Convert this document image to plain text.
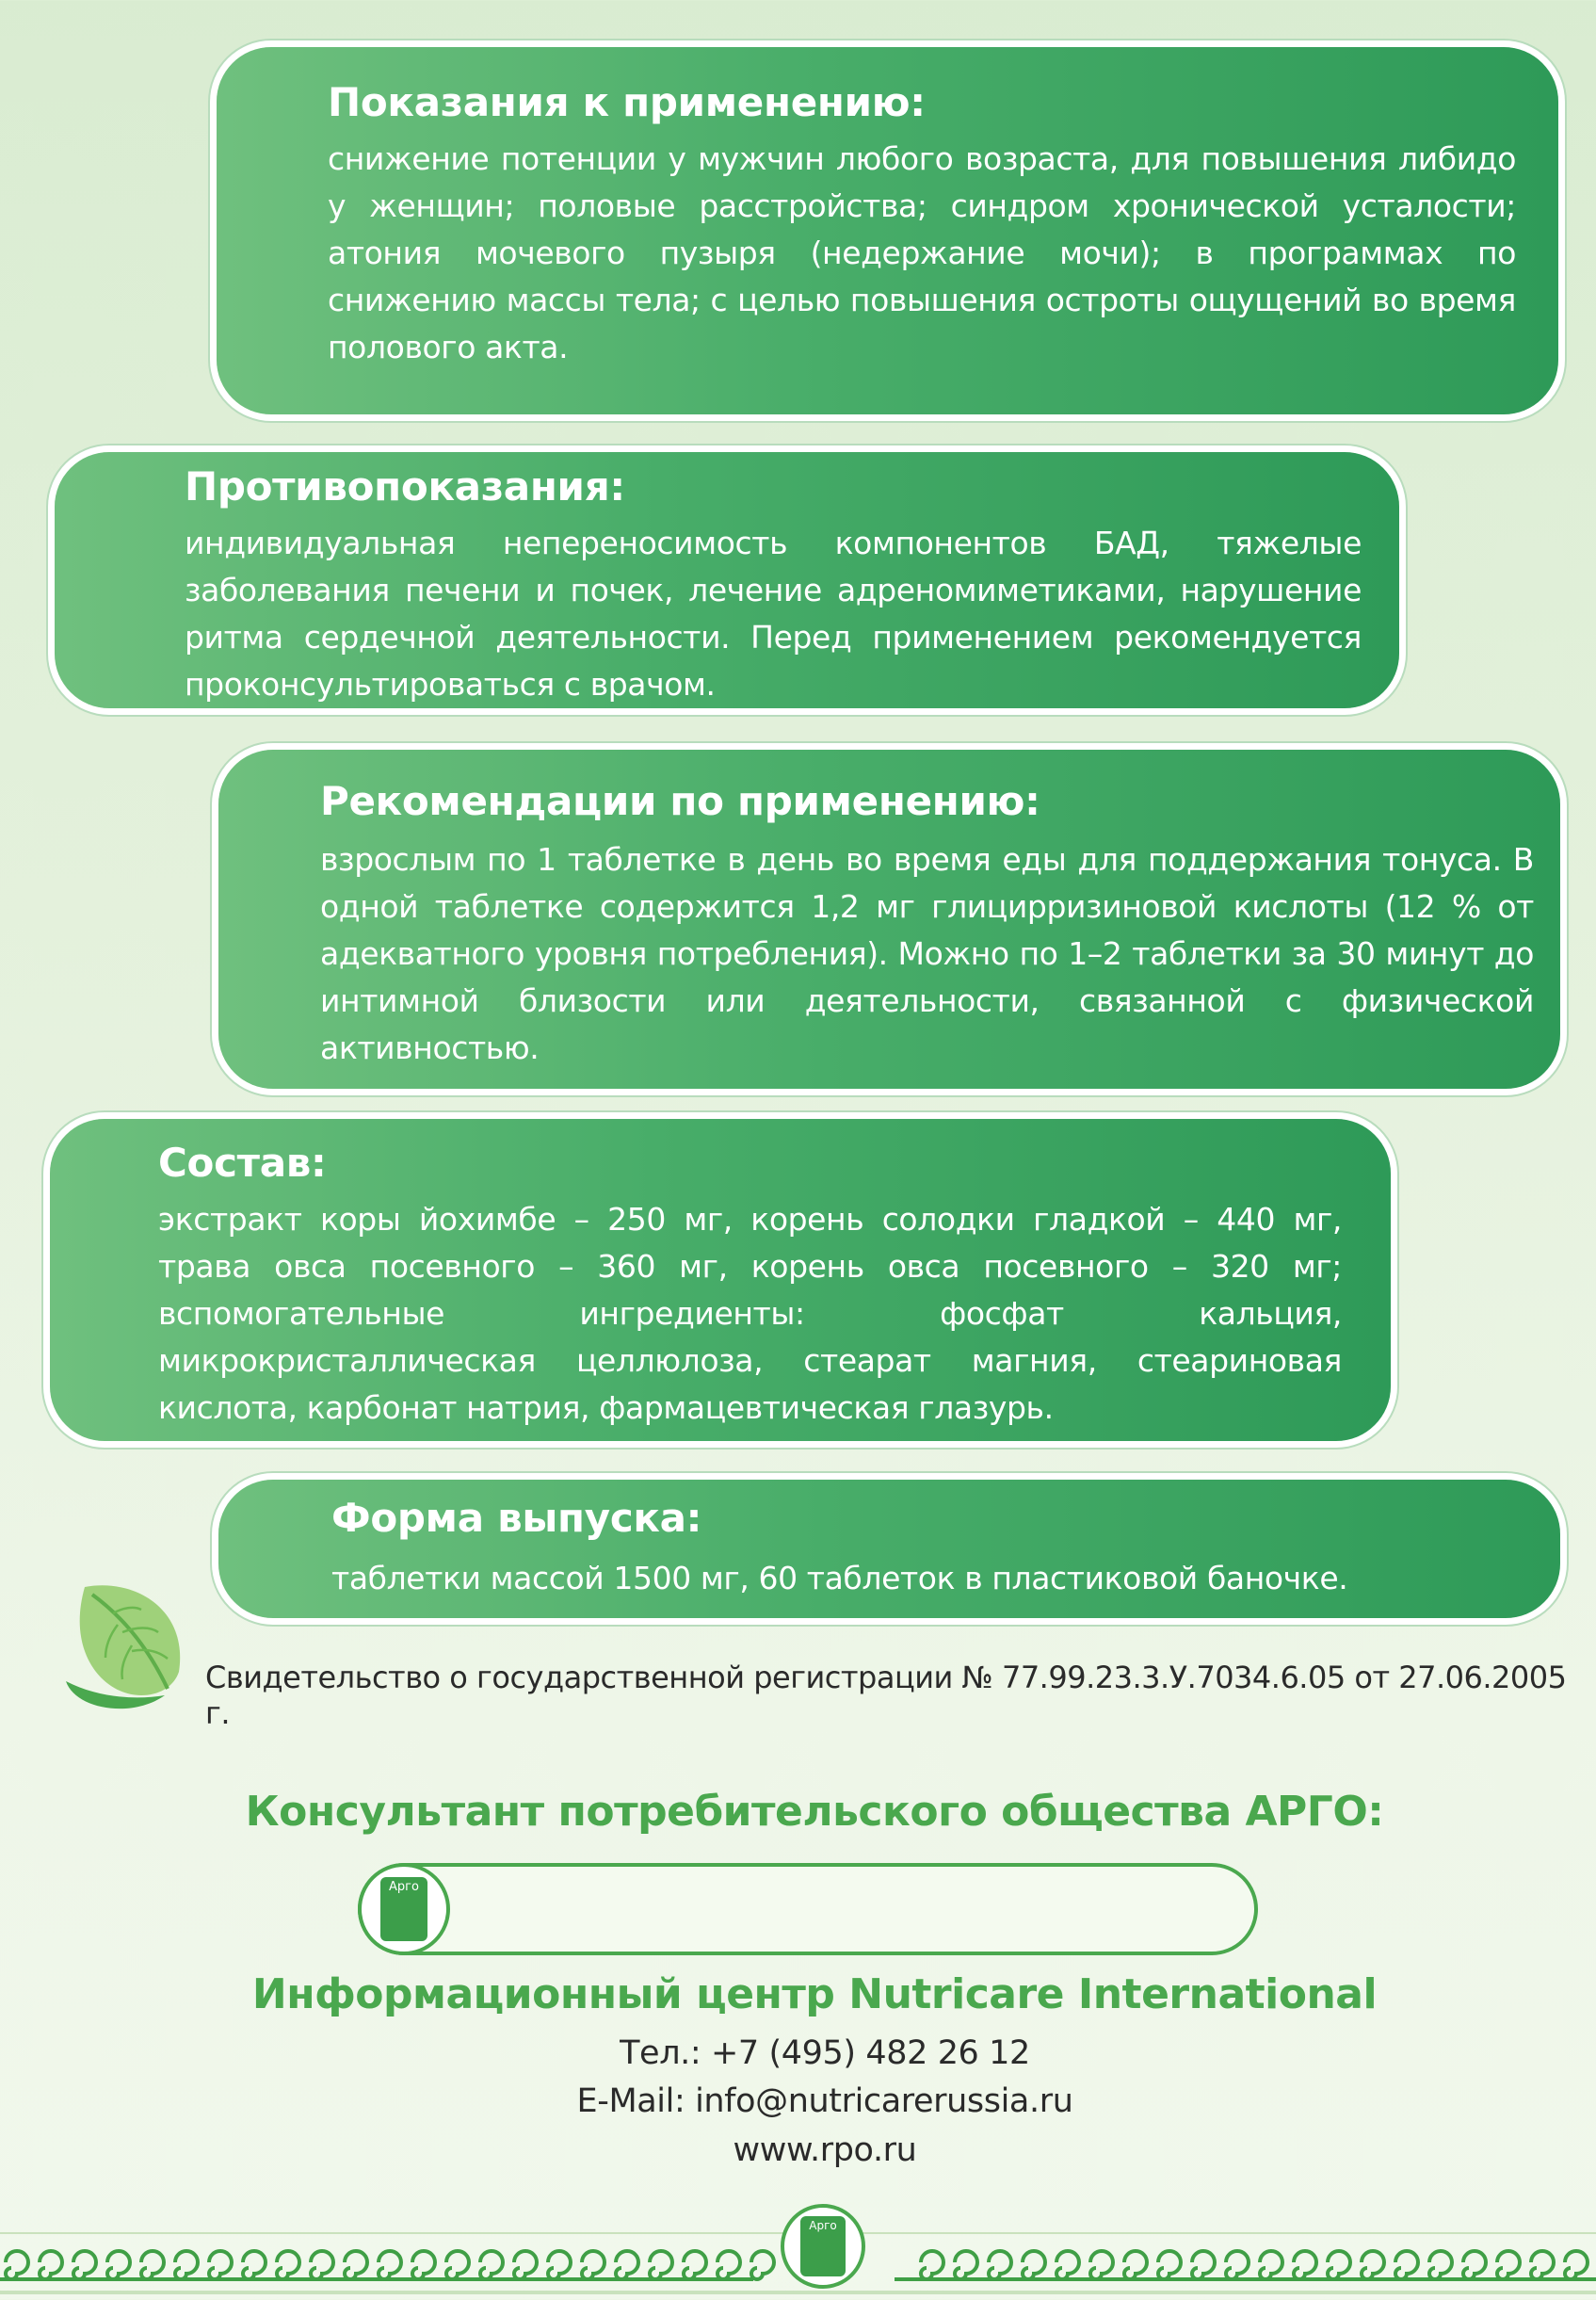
Показания к применению:

снижение потенции у мужчин любого возраста, для повышения либидо у женщин; половые расстройства; синдром хронической усталости; атония мочевого пузыря (недержание мочи); в программах по снижению массы тела; с целью повышения остроты ощущений во время полового акта.

Противопоказания:

индивидуальная непереносимость компонентов БАД, тяжелые заболевания печени и почек, лечение адреномиметиками, нарушение ритма сердечной деятельности. Перед применением рекомендуется проконсультироваться с врачом.

Рекомендации по применению:

взрослым по 1 таблетке в день во время еды для поддержания тонуса. В одной таблетке содержится 1,2 мг глицирризиновой кислоты (12 % от адекватного уровня потребления). Можно по 1–2 таблетки за 30 минут до интимной близости или деятельности, связанной с физической активностью.

Состав:

экстракт коры йохимбе – 250 мг, корень солодки гладкой – 440 мг, трава овса посевного – 360 мг, корень овса посевного – 320 мг; вспомогательные ингредиенты: фосфат кальция, микрокристаллическая целлюлоза, стеарат магния, стеариновая кислота, карбонат натрия, фармацевтическая глазурь.

Форма выпуска:

таблетки массой 1500 мг, 60 таблеток в пластиковой баночке.

Свидетельство о государственной регистрации № 77.99.23.3.У.7034.6.05 от 27.06.2005 г.
Консультант потребительского общества АРГО:
Арго
Информационный центр Nutricare International
Тел.: +7 (495) 482 26 12
E-Mail: info@nutricarerussia.ru
www.rpo.ru
Арго
